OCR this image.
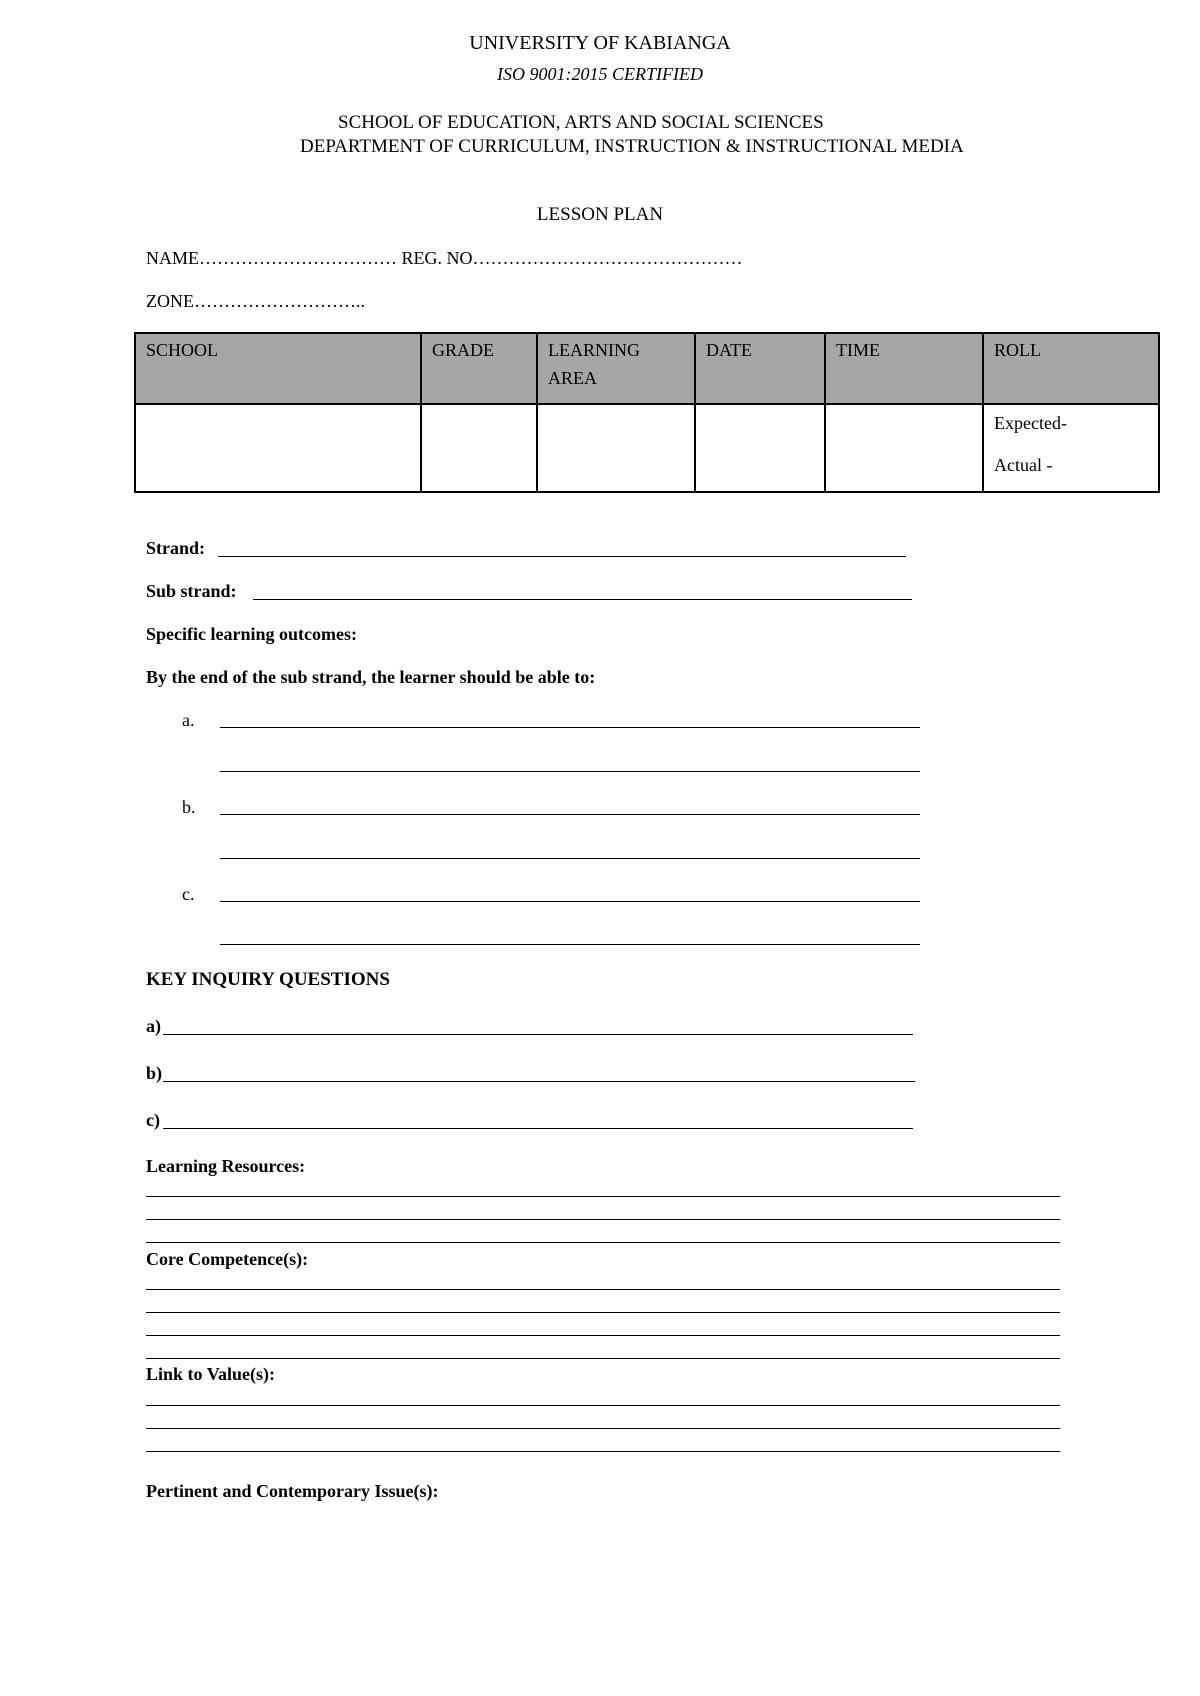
UNIVERSITY OF KABIANGA
ISO 9001:2015 CERTIFIED
SCHOOL OF EDUCATION, ARTS AND SOCIAL SCIENCES
DEPARTMENT OF CURRICULUM, INSTRUCTION & INSTRUCTIONAL MEDIA
LESSON PLAN
NAME…………………………… REG. NO………………………………………
ZONE………………………..
SCHOOL	GRADE	LEARNING AREA	DATE	TIME	ROLL

					Expected-
Actual -
Strand:
Sub strand:
Specific learning outcomes:
By the end of the sub strand, the learner should be able to:
a.
b.
c.
KEY INQUIRY QUESTIONS
a)
b)
c)
Learning Resources:
Core Competence(s):
Link to Value(s):
Pertinent and Contemporary Issue(s):
